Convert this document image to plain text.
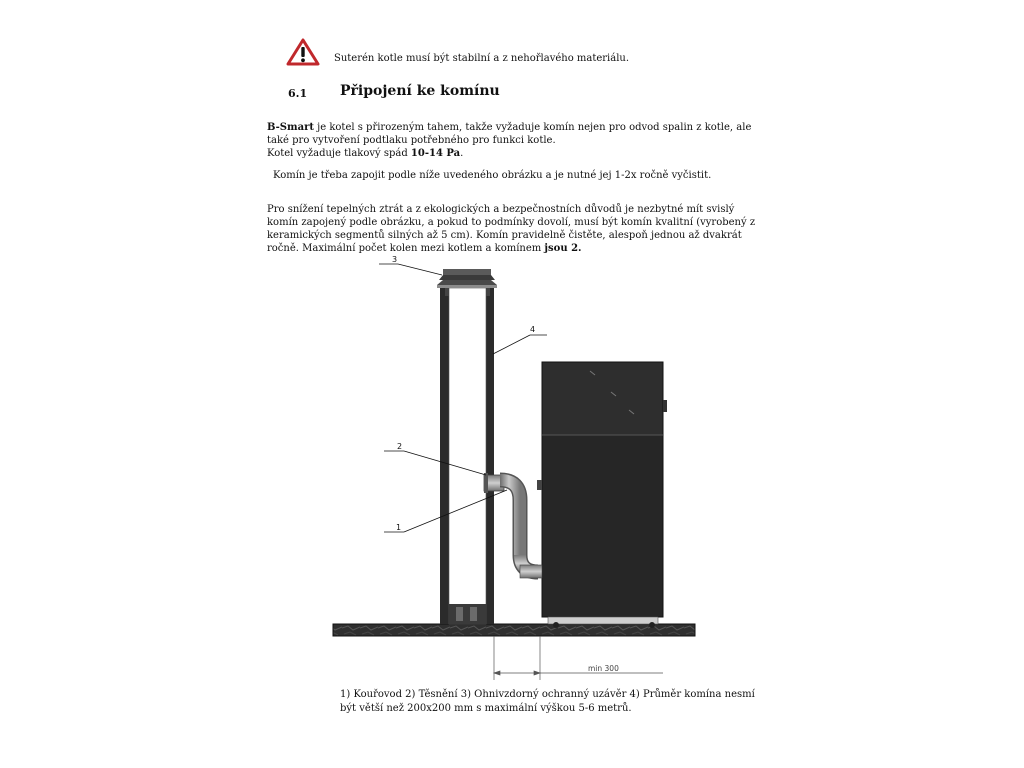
Suterén kotle musí být stabilní a z nehořlavého materiálu.
6.1 Připojení ke komínu
B-Smart je kotel s přirozeným tahem, takže vyžaduje komín nejen pro odvod spalin z kotle, ale také pro vytvoření podtlaku potřebného pro funkci kotle.
Kotel vyžaduje tlakový spád 10-14 Pa.
Komín je třeba zapojit podle níže uvedeného obrázku a je nutné jej 1-2x ročně vyčistit.
Pro snížení tepelných ztrát a z ekologických a bezpečnostních důvodů je nezbytné mít svislý komín zapojený podle obrázku, a pokud to podmínky dovolí, musí být komín kvalitní (vyrobený z keramických segmentů silných až 5 cm). Komín pravidelně čistěte, alespoň jednou až dvakrát ročně. Maximální počet kolen mezi kotlem a komínem jsou 2.
3
4
2
1
min 300
1) Kouřovod 2) Těsnění 3) Ohnivzdorný ochranný uzávěr 4) Průměr komína nesmí být větší než 200x200 mm s maximální výškou 5-6 metrů.
